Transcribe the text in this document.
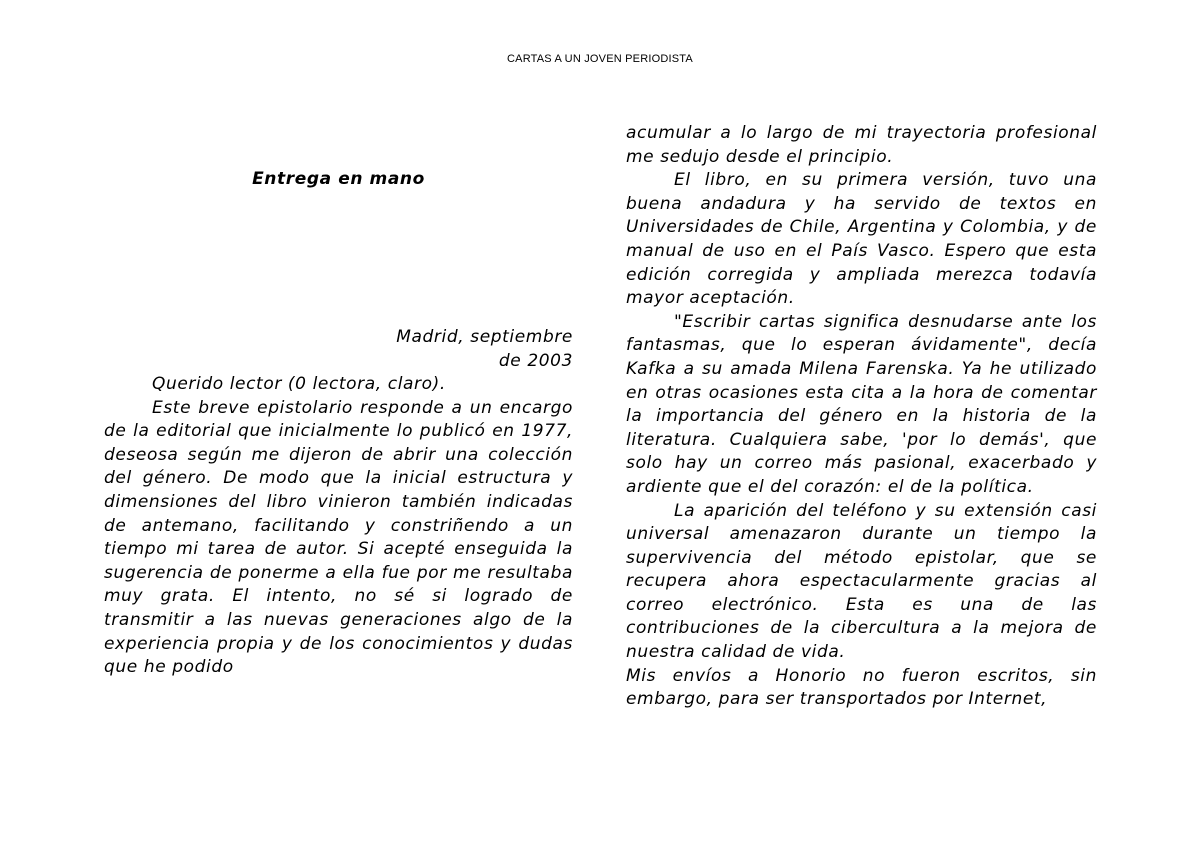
CARTAS A UN JOVEN PERIODISTA
Entrega en mano
Madrid, septiembre
de 2003

Querido lector (0 lectora, claro).

Este breve epistolario responde a un encargo de la editorial que inicialmente lo publicó en 1977, deseosa según me dijeron de abrir una colección del género. De modo que la inicial estructura y dimensiones del libro vinieron también indicadas de antemano, facilitando y constriñendo a un tiempo mi tarea de autor. Si acepté enseguida la sugerencia de ponerme a ella fue por me resultaba muy grata. El intento, no sé si logrado de transmitir a las nuevas generaciones algo de la experiencia propia y de los conocimientos y dudas que he podido

acumular a lo largo de mi trayectoria profesional me sedujo desde el principio.

El libro, en su primera versión, tuvo una buena andadura y ha servido de textos en Universidades de Chile, Argentina y Colombia, y de manual de uso en el País Vasco. Espero que esta edición corregida y ampliada merezca todavía mayor aceptación.

"Escribir cartas significa desnudarse ante los fantasmas, que lo esperan ávidamente", decía Kafka a su amada Milena Farenska. Ya he utilizado en otras ocasiones esta cita a la hora de comentar la importancia del género en la historia de la literatura. Cualquiera sabe, 'por lo demás', que solo hay un correo más pasional, exacerbado y ardiente que el del corazón: el de la política.

La aparición del teléfono y su extensión casi universal amenazaron durante un tiempo la supervivencia del método epistolar, que se recupera ahora espectacularmente gracias al correo electrónico. Esta es una de las contribuciones de la cibercultura a la mejora de nuestra calidad de vida.

Mis envíos a Honorio no fueron escritos, sin embargo, para ser transportados por Internet,
